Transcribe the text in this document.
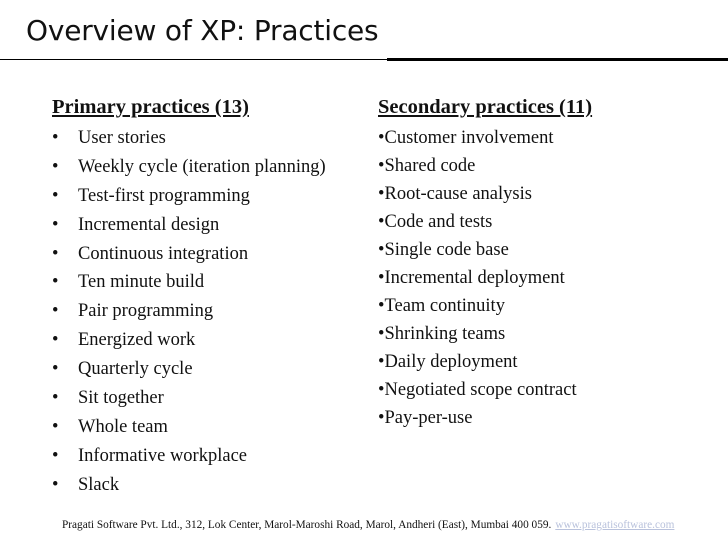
Overview of XP: Practices
Primary practices (13)
• User stories
• Weekly cycle (iteration planning)
• Test-first programming
• Incremental design
• Continuous integration
• Ten minute build
• Pair programming
• Energized work
• Quarterly cycle
• Sit together
• Whole team
• Informative workplace
• Slack
Secondary practices (11)
•Customer involvement
•Shared code
•Root-cause analysis
•Code and tests
•Single code base
•Incremental deployment
•Team continuity
•Shrinking teams
•Daily deployment
•Negotiated scope contract
•Pay-per-use
Pragati Software Pvt. Ltd., 312, Lok Center, Marol-Maroshi Road, Marol, Andheri (East), Mumbai 400 059. www.pragatisoftware.com
